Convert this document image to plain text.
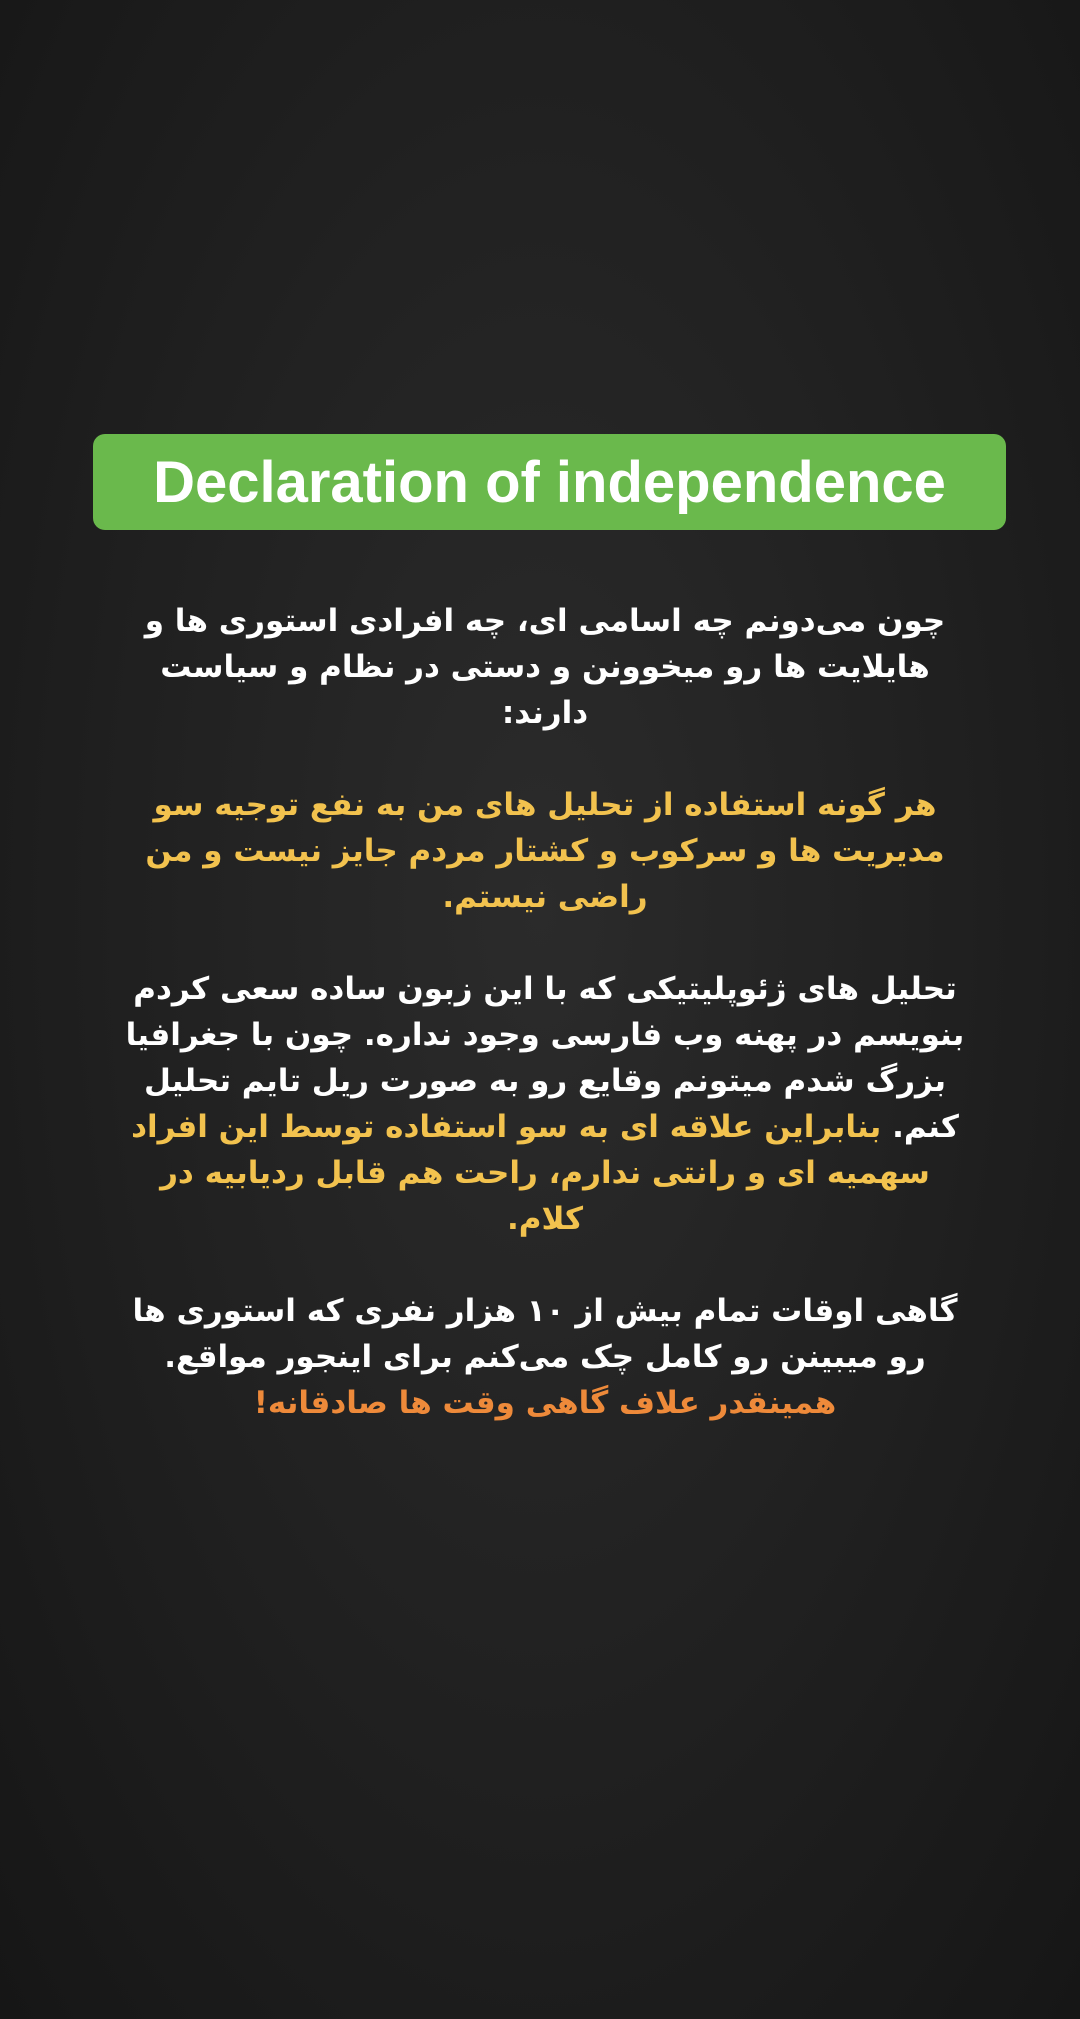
Declaration of independence

چون می‌دونم چه اسامی ای، چه افرادی استوری ها و هایلایت ها رو میخوونن و دستی در نظام و سیاست دارند:

هر گونه استفاده از تحلیل های من به نفع توجیه سو مدیریت ها و سرکوب و کشتار مردم جایز نیست و من راضی نیستم.

تحلیل های ژئوپلیتیکی که با این زبون ساده سعی کردم بنویسم در پهنه وب فارسی وجود نداره. چون با جغرافیا بزرگ شدم میتونم وقایع رو به صورت ریل تایم تحلیل کنم. بنابراین علاقه ای به سو استفاده توسط این افراد سهمیه ای و رانتی ندارم، راحت هم قابل ردیابیه در کلام.

گاهی اوقات تمام بیش از ۱۰ هزار نفری که استوری ها رو میبینن رو کامل چک می‌کنم برای اینجور مواقع. همینقدر علاف گاهی وقت ها صادقانه!
